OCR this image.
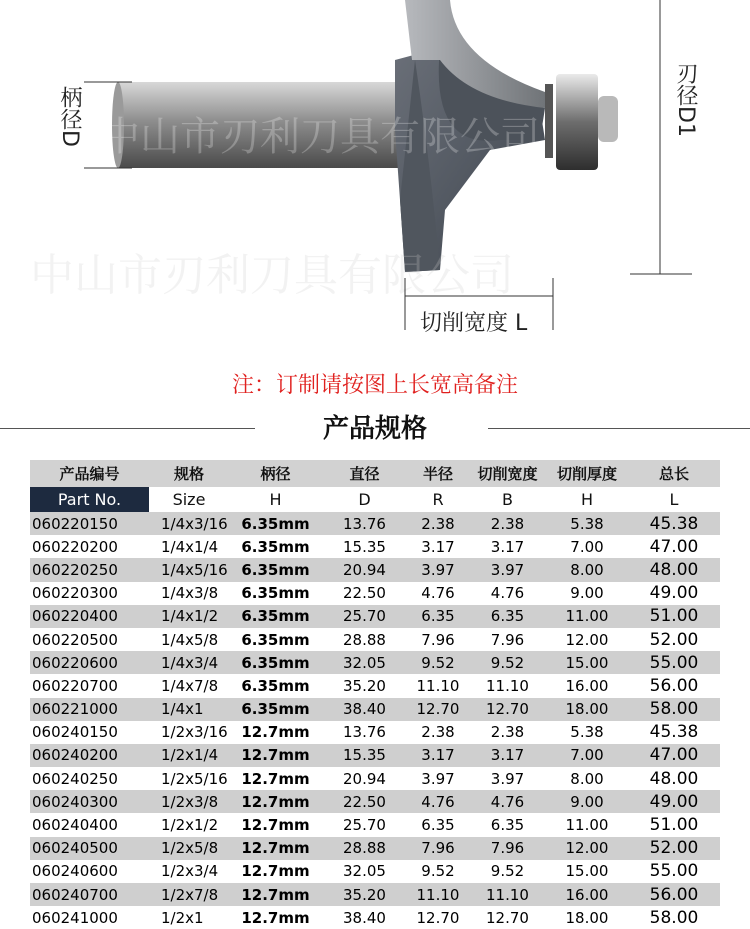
中山市刃利刀具有限公司
中山市刃利刀具有限公司
柄径D	刃径D1
切削宽度 L
注：订制请按图上长宽高备注
产品规格
产品编号	规格	柄径	直径	半径	切削宽度	切削厚度	总长
Part No.	Size	H	D	R	B	H	L
060220150	1/4x3/16	6.35mm	13.76	2.38	2.38	5.38	45.38
060220200	1/4x1/4	6.35mm	15.35	3.17	3.17	7.00	47.00
060220250	1/4x5/16	6.35mm	20.94	3.97	3.97	8.00	48.00
060220300	1/4x3/8	6.35mm	22.50	4.76	4.76	9.00	49.00
060220400	1/4x1/2	6.35mm	25.70	6.35	6.35	11.00	51.00
060220500	1/4x5/8	6.35mm	28.88	7.96	7.96	12.00	52.00
060220600	1/4x3/4	6.35mm	32.05	9.52	9.52	15.00	55.00
060220700	1/4x7/8	6.35mm	35.20	11.10	11.10	16.00	56.00
060221000	1/4x1	6.35mm	38.40	12.70	12.70	18.00	58.00
060240150	1/2x3/16	12.7mm	13.76	2.38	2.38	5.38	45.38
060240200	1/2x1/4	12.7mm	15.35	3.17	3.17	7.00	47.00
060240250	1/2x5/16	12.7mm	20.94	3.97	3.97	8.00	48.00
060240300	1/2x3/8	12.7mm	22.50	4.76	4.76	9.00	49.00
060240400	1/2x1/2	12.7mm	25.70	6.35	6.35	11.00	51.00
060240500	1/2x5/8	12.7mm	28.88	7.96	7.96	12.00	52.00
060240600	1/2x3/4	12.7mm	32.05	9.52	9.52	15.00	55.00
060240700	1/2x7/8	12.7mm	35.20	11.10	11.10	16.00	56.00
060241000	1/2x1	12.7mm	38.40	12.70	12.70	18.00	58.00
